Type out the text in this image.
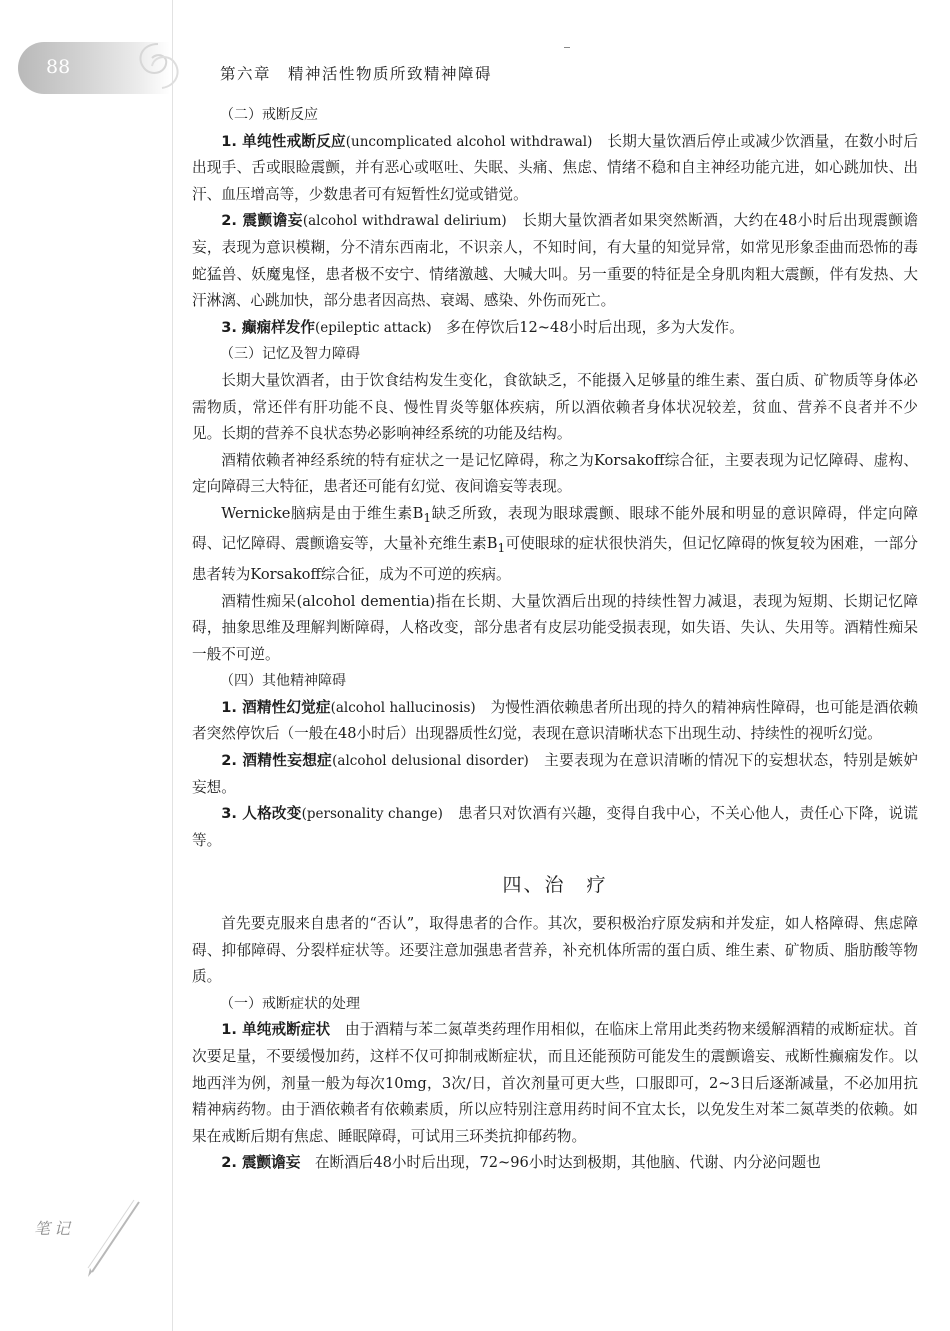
88	第六章　精神活性物质所致精神障碍
笔记
（二）戒断反应

1. 单纯性戒断反应(uncomplicated alcohol withdrawal)　 长期大量饮酒后停止或减少饮酒量，在数小时后出现手、舌或眼睑震颤，并有恶心或呕吐、失眠、头痛、焦虑、情绪不稳和自主神经功能亢进，如心跳加快、出汗、血压增高等，少数患者可有短暂性幻觉或错觉。

2. 震颤谵妄(alcohol withdrawal delirium)　 长期大量饮酒者如果突然断酒，大约在48小时后出现震颤谵妄，表现为意识模糊，分不清东西南北，不识亲人，不知时间，有大量的知觉异常，如常见形象歪曲而恐怖的毒蛇猛兽、妖魔鬼怪，患者极不安宁、情绪激越、大喊大叫。另一重要的特征是全身肌肉粗大震颤，伴有发热、大汗淋漓、心跳加快，部分患者因高热、衰竭、感染、外伤而死亡。

3. 癫痫样发作(epileptic attack)　 多在停饮后12~48小时后出现，多为大发作。

（三）记忆及智力障碍

长期大量饮酒者，由于饮食结构发生变化，食欲缺乏，不能摄入足够量的维生素、蛋白质、矿物质等身体必需物质，常还伴有肝功能不良、慢性胃炎等躯体疾病，所以酒依赖者身体状况较差，贫血、营养不良者并不少见。长期的营养不良状态势必影响神经系统的功能及结构。

酒精依赖者神经系统的特有症状之一是记忆障碍，称之为Korsakoff综合征，主要表现为记忆障碍、虚构、定向障碍三大特征，患者还可能有幻觉、夜间谵妄等表现。

Wernicke脑病是由于维生素$B_1$缺乏所致，表现为眼球震颤、眼球不能外展和明显的意识障碍，伴定向障碍、记忆障碍、震颤谵妄等，大量补充维生素$B_1$可使眼球的症状很快消失，但记忆障碍的恢复较为困难，一部分患者转为Korsakoff综合征，成为不可逆的疾病。

酒精性痴呆(alcohol dementia)指在长期、大量饮酒后出现的持续性智力减退，表现为短期、长期记忆障碍，抽象思维及理解判断障碍，人格改变，部分患者有皮层功能受损表现，如失语、失认、失用等。酒精性痴呆一般不可逆。

（四）其他精神障碍

1. 酒精性幻觉症(alcohol hallucinosis)　 为慢性酒依赖患者所出现的持久的精神病性障碍，也可能是酒依赖者突然停饮后（一般在48小时后）出现器质性幻觉，表现在意识清晰状态下出现生动、持续性的视听幻觉。

2. 酒精性妄想症(alcohol delusional disorder)　 主要表现为在意识清晰的情况下的妄想状态，特别是嫉妒妄想。

3. 人格改变(personality change)　 患者只对饮酒有兴趣，变得自我中心，不关心他人，责任心下降，说谎等。

四、治　疗

首先要克服来自患者的“否认”，取得患者的合作。其次，要积极治疗原发病和并发症，如人格障碍、焦虑障碍、抑郁障碍、分裂样症状等。还要注意加强患者营养，补充机体所需的蛋白质、维生素、矿物质、脂肪酸等物质。

（一）戒断症状的处理

1. 单纯戒断症状　 由于酒精与苯二氮䓬类药理作用相似，在临床上常用此类药物来缓解酒精的戒断症状。首次要足量，不要缓慢加药，这样不仅可抑制戒断症状，而且还能预防可能发生的震颤谵妄、戒断性癫痫发作。以地西泮为例，剂量一般为每次10mg，3次/日，首次剂量可更大些，口服即可，2~3日后逐渐减量，不必加用抗精神病药物。由于酒依赖者有依赖素质，所以应特别注意用药时间不宜太长，以免发生对苯二氮䓬类的依赖。如果在戒断后期有焦虑、睡眠障碍，可试用三环类抗抑郁药物。

2. 震颤谵妄　 在断酒后48小时后出现，72~96小时达到极期，其他脑、代谢、内分泌问题也
